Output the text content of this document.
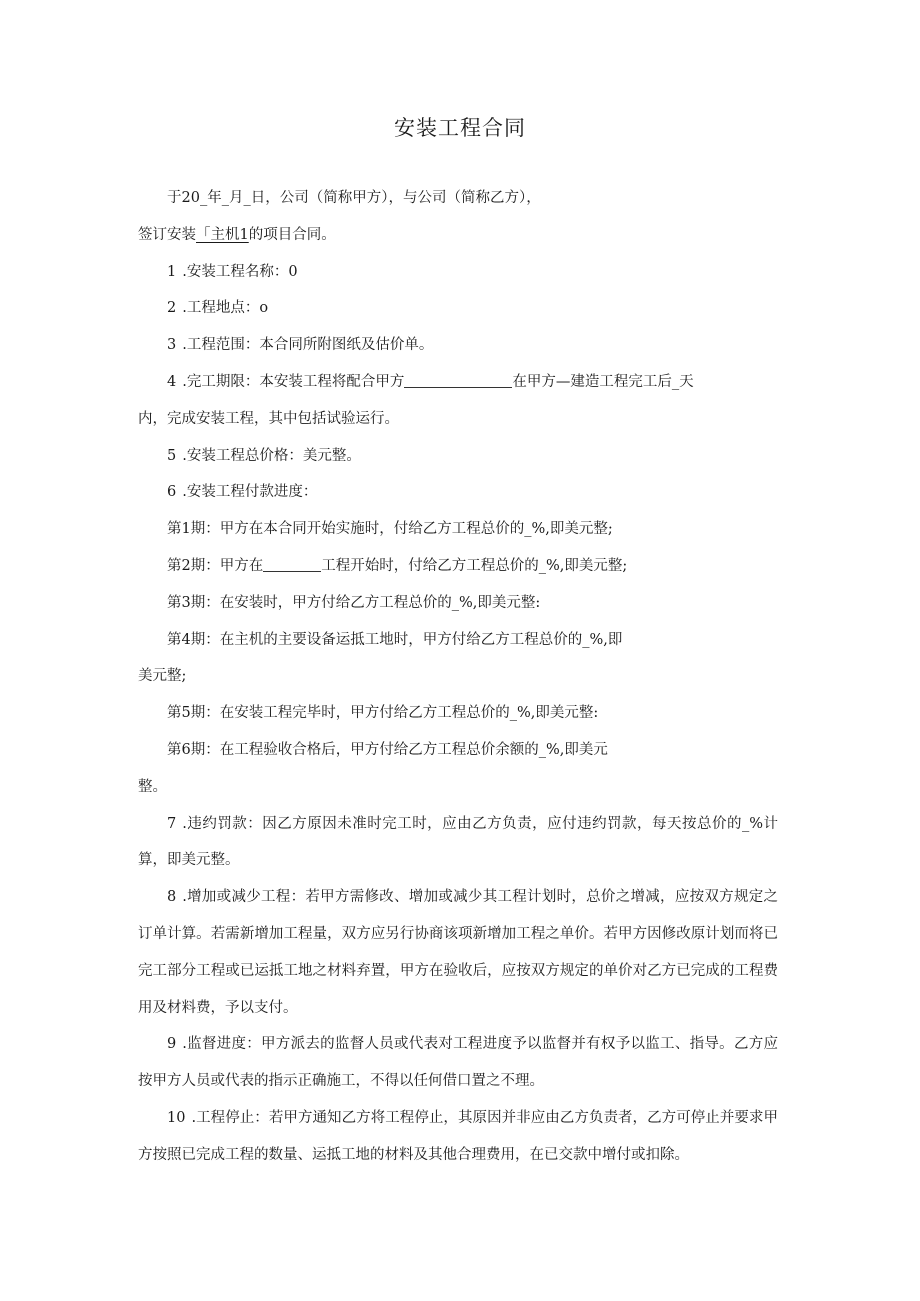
安装工程合同

于20_年_月_日，公司（简称甲方），与公司（简称乙方），

签订安装「主机1的项目合同。

1 .安装工程名称：0

2 .工程地点：o

3 .工程范围：本合同所附图纸及估价单。

4 .完工期限：本安装工程将配合甲方	在甲方—建造工程完工后_天

内，完成安装工程，其中包括试验运行。

5 .安装工程总价格：美元整。

6 .安装工程付款进度：

第1期：甲方在本合同开始实施时，付给乙方工程总价的_%,即美元整;

第2期：甲方在	工程开始时，付给乙方工程总价的_%,即美元整;

第3期：在安装时，甲方付给乙方工程总价的_%,即美元整:

第4期：在主机的主要设备运抵工地时，甲方付给乙方工程总价的_%,即

美元整;

第5期：在安装工程完毕时，甲方付给乙方工程总价的_%,即美元整:

第6期：在工程验收合格后，甲方付给乙方工程总价余额的_%,即美元

整。

7 .违约罚款：因乙方原因未准时完工时，应由乙方负责，应付违约罚款，每天按总价的_%计算，即美元整。

8 .增加或减少工程：若甲方需修改、增加或减少其工程计划时，总价之增减，应按双方规定之订单计算。若需新增加工程量，双方应另行协商该项新增加工程之单价。若甲方因修改原计划而将已完工部分工程或已运抵工地之材料弃置，甲方在验收后，应按双方规定的单价对乙方已完成的工程费用及材料费，予以支付。

9 .监督进度：甲方派去的监督人员或代表对工程进度予以监督并有权予以监工、指导。乙方应按甲方人员或代表的指示正确施工，不得以任何借口置之不理。

10 .工程停止：若甲方通知乙方将工程停止，其原因并非应由乙方负责者，乙方可停止并要求甲方按照已完成工程的数量、运抵工地的材料及其他合理费用，在已交款中增付或扣除。
